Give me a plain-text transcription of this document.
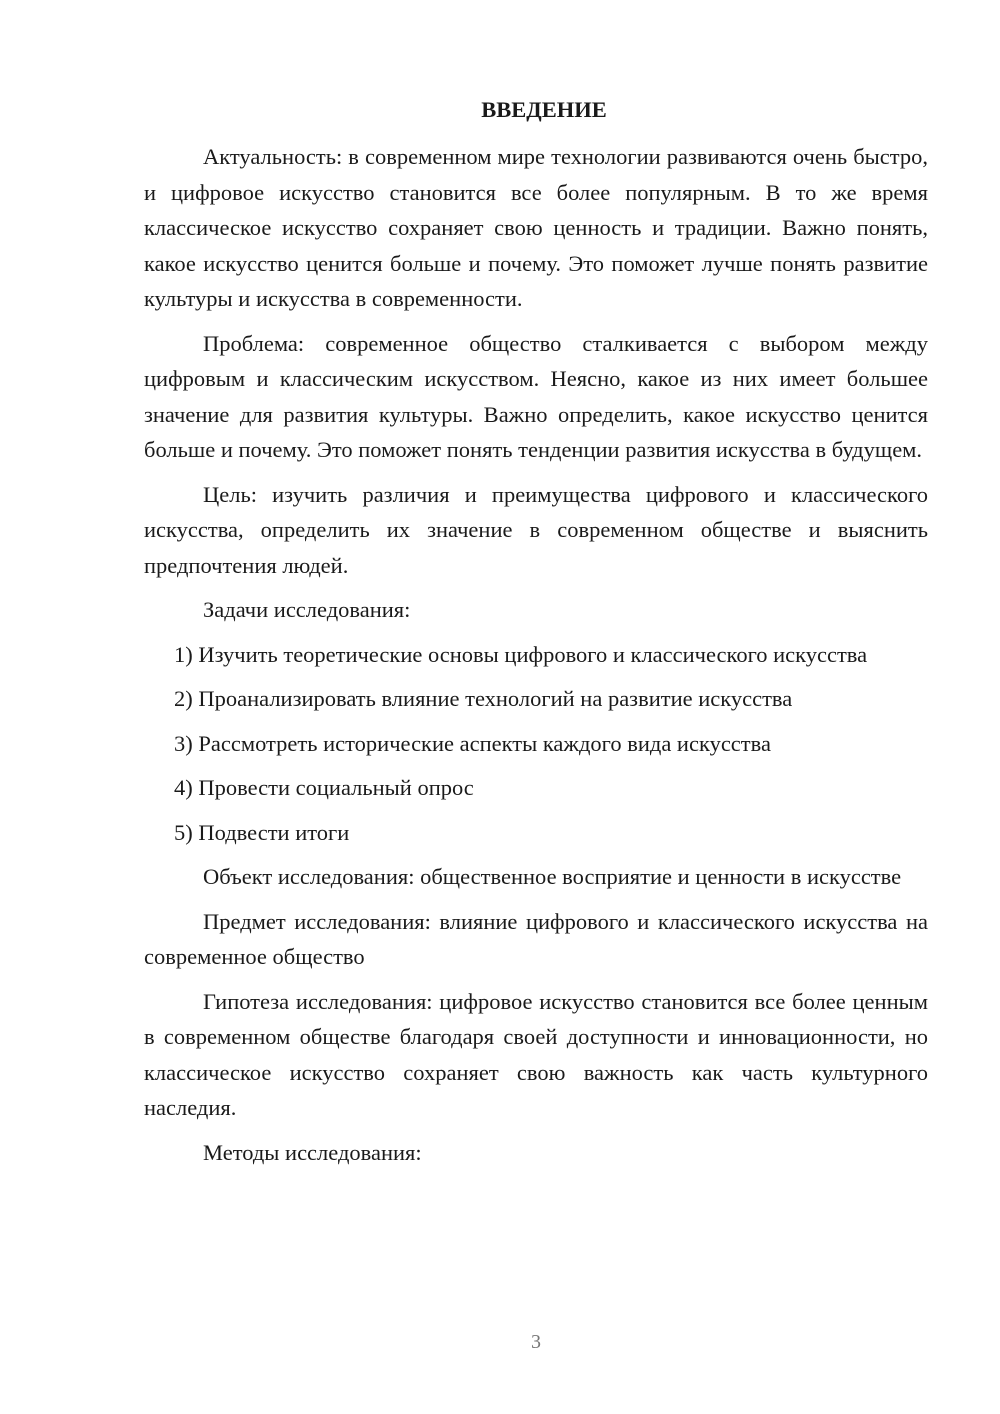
ВВЕДЕНИЕ

Актуальность: в современном мире технологии развиваются очень быстро, и цифровое искусство становится все более популярным. В то же время классическое искусство сохраняет свою ценность и традиции. Важно понять, какое искусство ценится больше и почему. Это поможет лучше понять развитие культуры и искусства в современности.

Проблема: современное общество сталкивается с выбором между цифровым и классическим искусством. Неясно, какое из них имеет большее значение для развития культуры. Важно определить, какое искусство ценится больше и почему. Это поможет понять тенденции развития искусства в будущем.

Цель: изучить различия и преимущества цифрового и классического искусства, определить их значение в современном обществе и выяснить предпочтения людей.

Задачи исследования:

1) Изучить теоретические основы цифрового и классического искусства

2) Проанализировать влияние технологий на развитие искусства

3) Рассмотреть исторические аспекты каждого вида искусства

4) Провести социальный опрос

5) Подвести итоги

Объект исследования: общественное восприятие и ценности в искусстве

Предмет исследования: влияние цифрового и классического искусства на современное общество

Гипотеза исследования: цифровое искусство становится все более ценным в современном обществе благодаря своей доступности и инновационности, но классическое искусство сохраняет свою важность как часть культурного наследия.

Методы исследования:

3
